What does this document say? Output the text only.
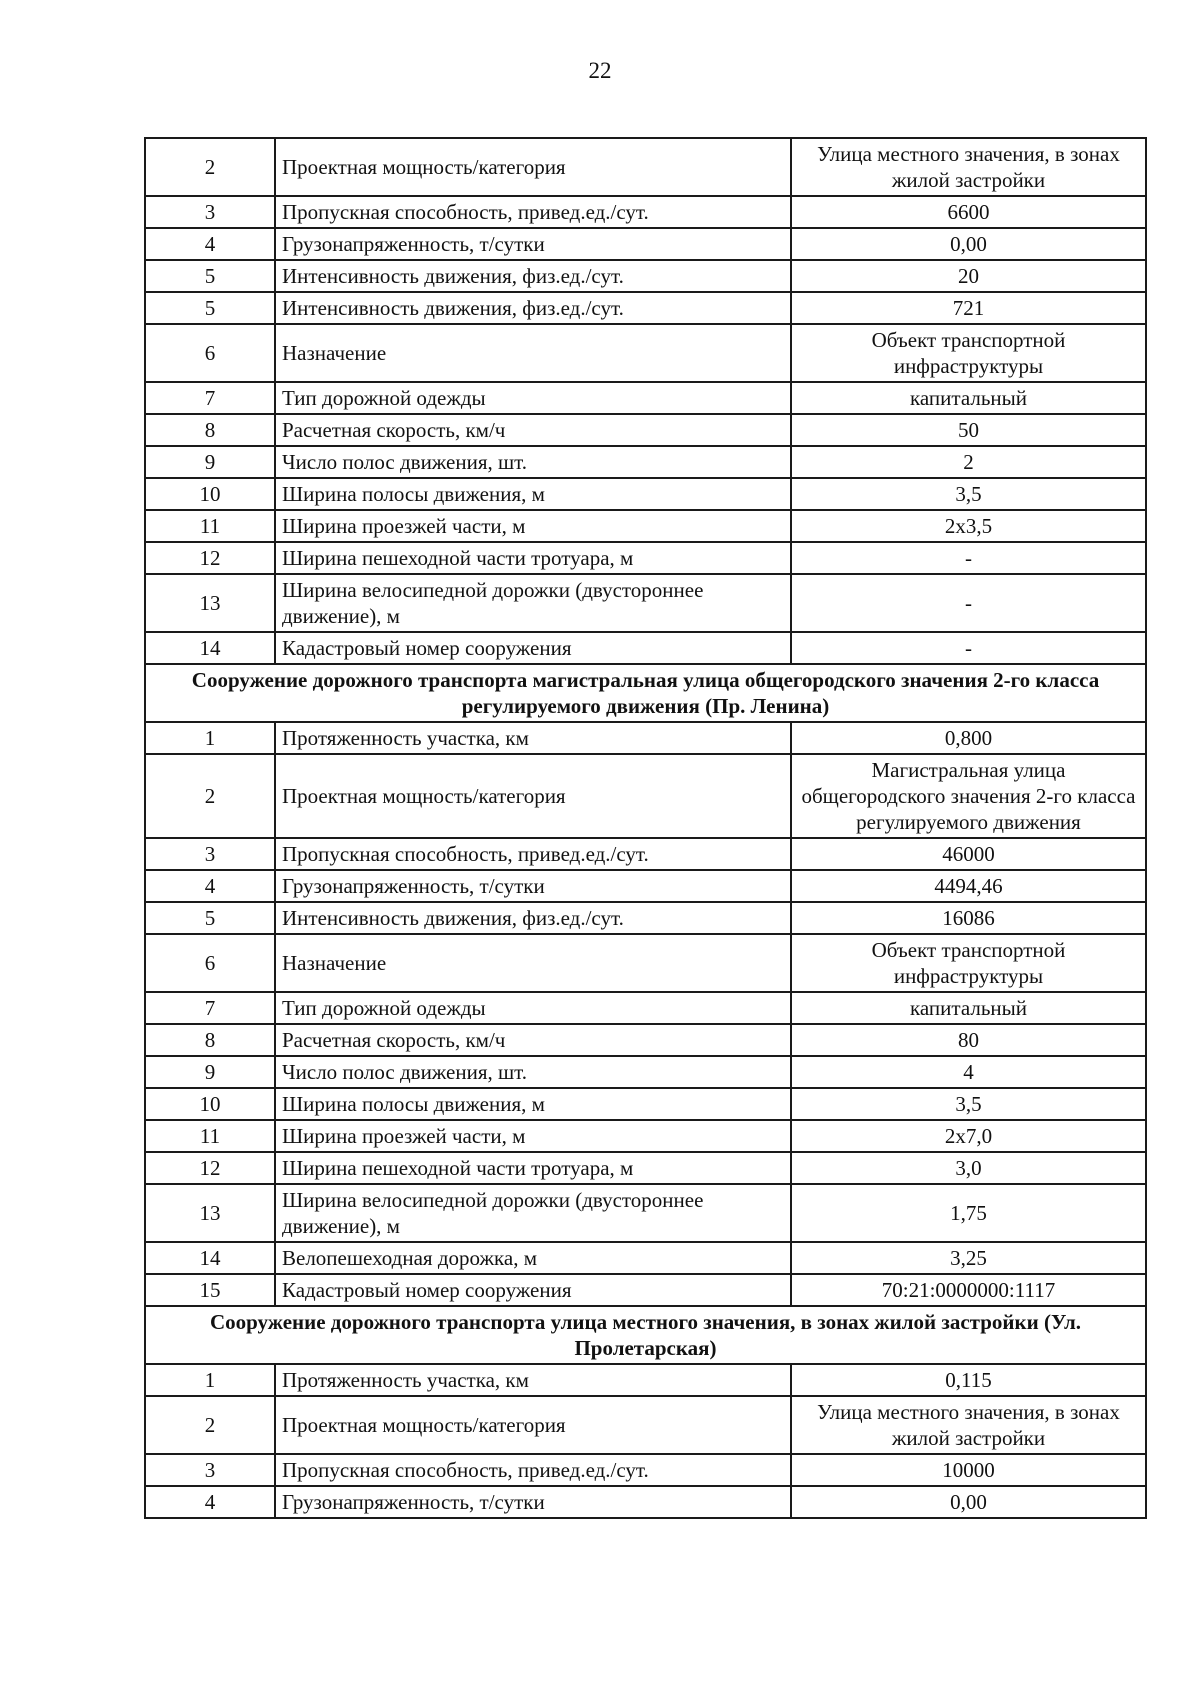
22
2	Проектная мощность/категория	Улица местного значения, в зонах жилой застройки
3	Пропускная способность, привед.ед./сут.	6600
4	Грузонапряженность, т/сутки	0,00
5	Интенсивность движения, физ.ед./сут.	20
5	Интенсивность движения, физ.ед./сут.	721
6	Назначение	Объект транспортной инфраструктуры
7	Тип дорожной одежды	капитальный
8	Расчетная скорость, км/ч	50
9	Число полос движения, шт.	2
10	Ширина полосы движения, м	3,5
11	Ширина проезжей части, м	2х3,5
12	Ширина пешеходной части тротуара, м	-
13	Ширина велосипедной дорожки (двустороннее движение), м	-
14	Кадастровый номер сооружения	-
Сооружение дорожного транспорта магистральная улица общегородского значения 2-го класса регулируемого движения (Пр. Ленина)		
1	Протяженность участка, км	0,800
2	Проектная мощность/категория	Магистральная улица общегородского значения 2-го класса регулируемого движения
3	Пропускная способность, привед.ед./сут.	46000
4	Грузонапряженность, т/сутки	4494,46
5	Интенсивность движения, физ.ед./сут.	16086
6	Назначение	Объект транспортной инфраструктуры
7	Тип дорожной одежды	капитальный
8	Расчетная скорость, км/ч	80
9	Число полос движения, шт.	4
10	Ширина полосы движения, м	3,5
11	Ширина проезжей части, м	2х7,0
12	Ширина пешеходной части тротуара, м	3,0
13	Ширина велосипедной дорожки (двустороннее движение), м	1,75
14	Велопешеходная дорожка, м	3,25
15	Кадастровый номер сооружения	70:21:0000000:1117
Сооружение дорожного транспорта улица местного значения, в зонах жилой застройки (Ул. Пролетарская)		
1	Протяженность участка, км	0,115
2	Проектная мощность/категория	Улица местного значения, в зонах жилой застройки
3	Пропускная способность, привед.ед./сут.	10000
4	Грузонапряженность, т/сутки	0,00
